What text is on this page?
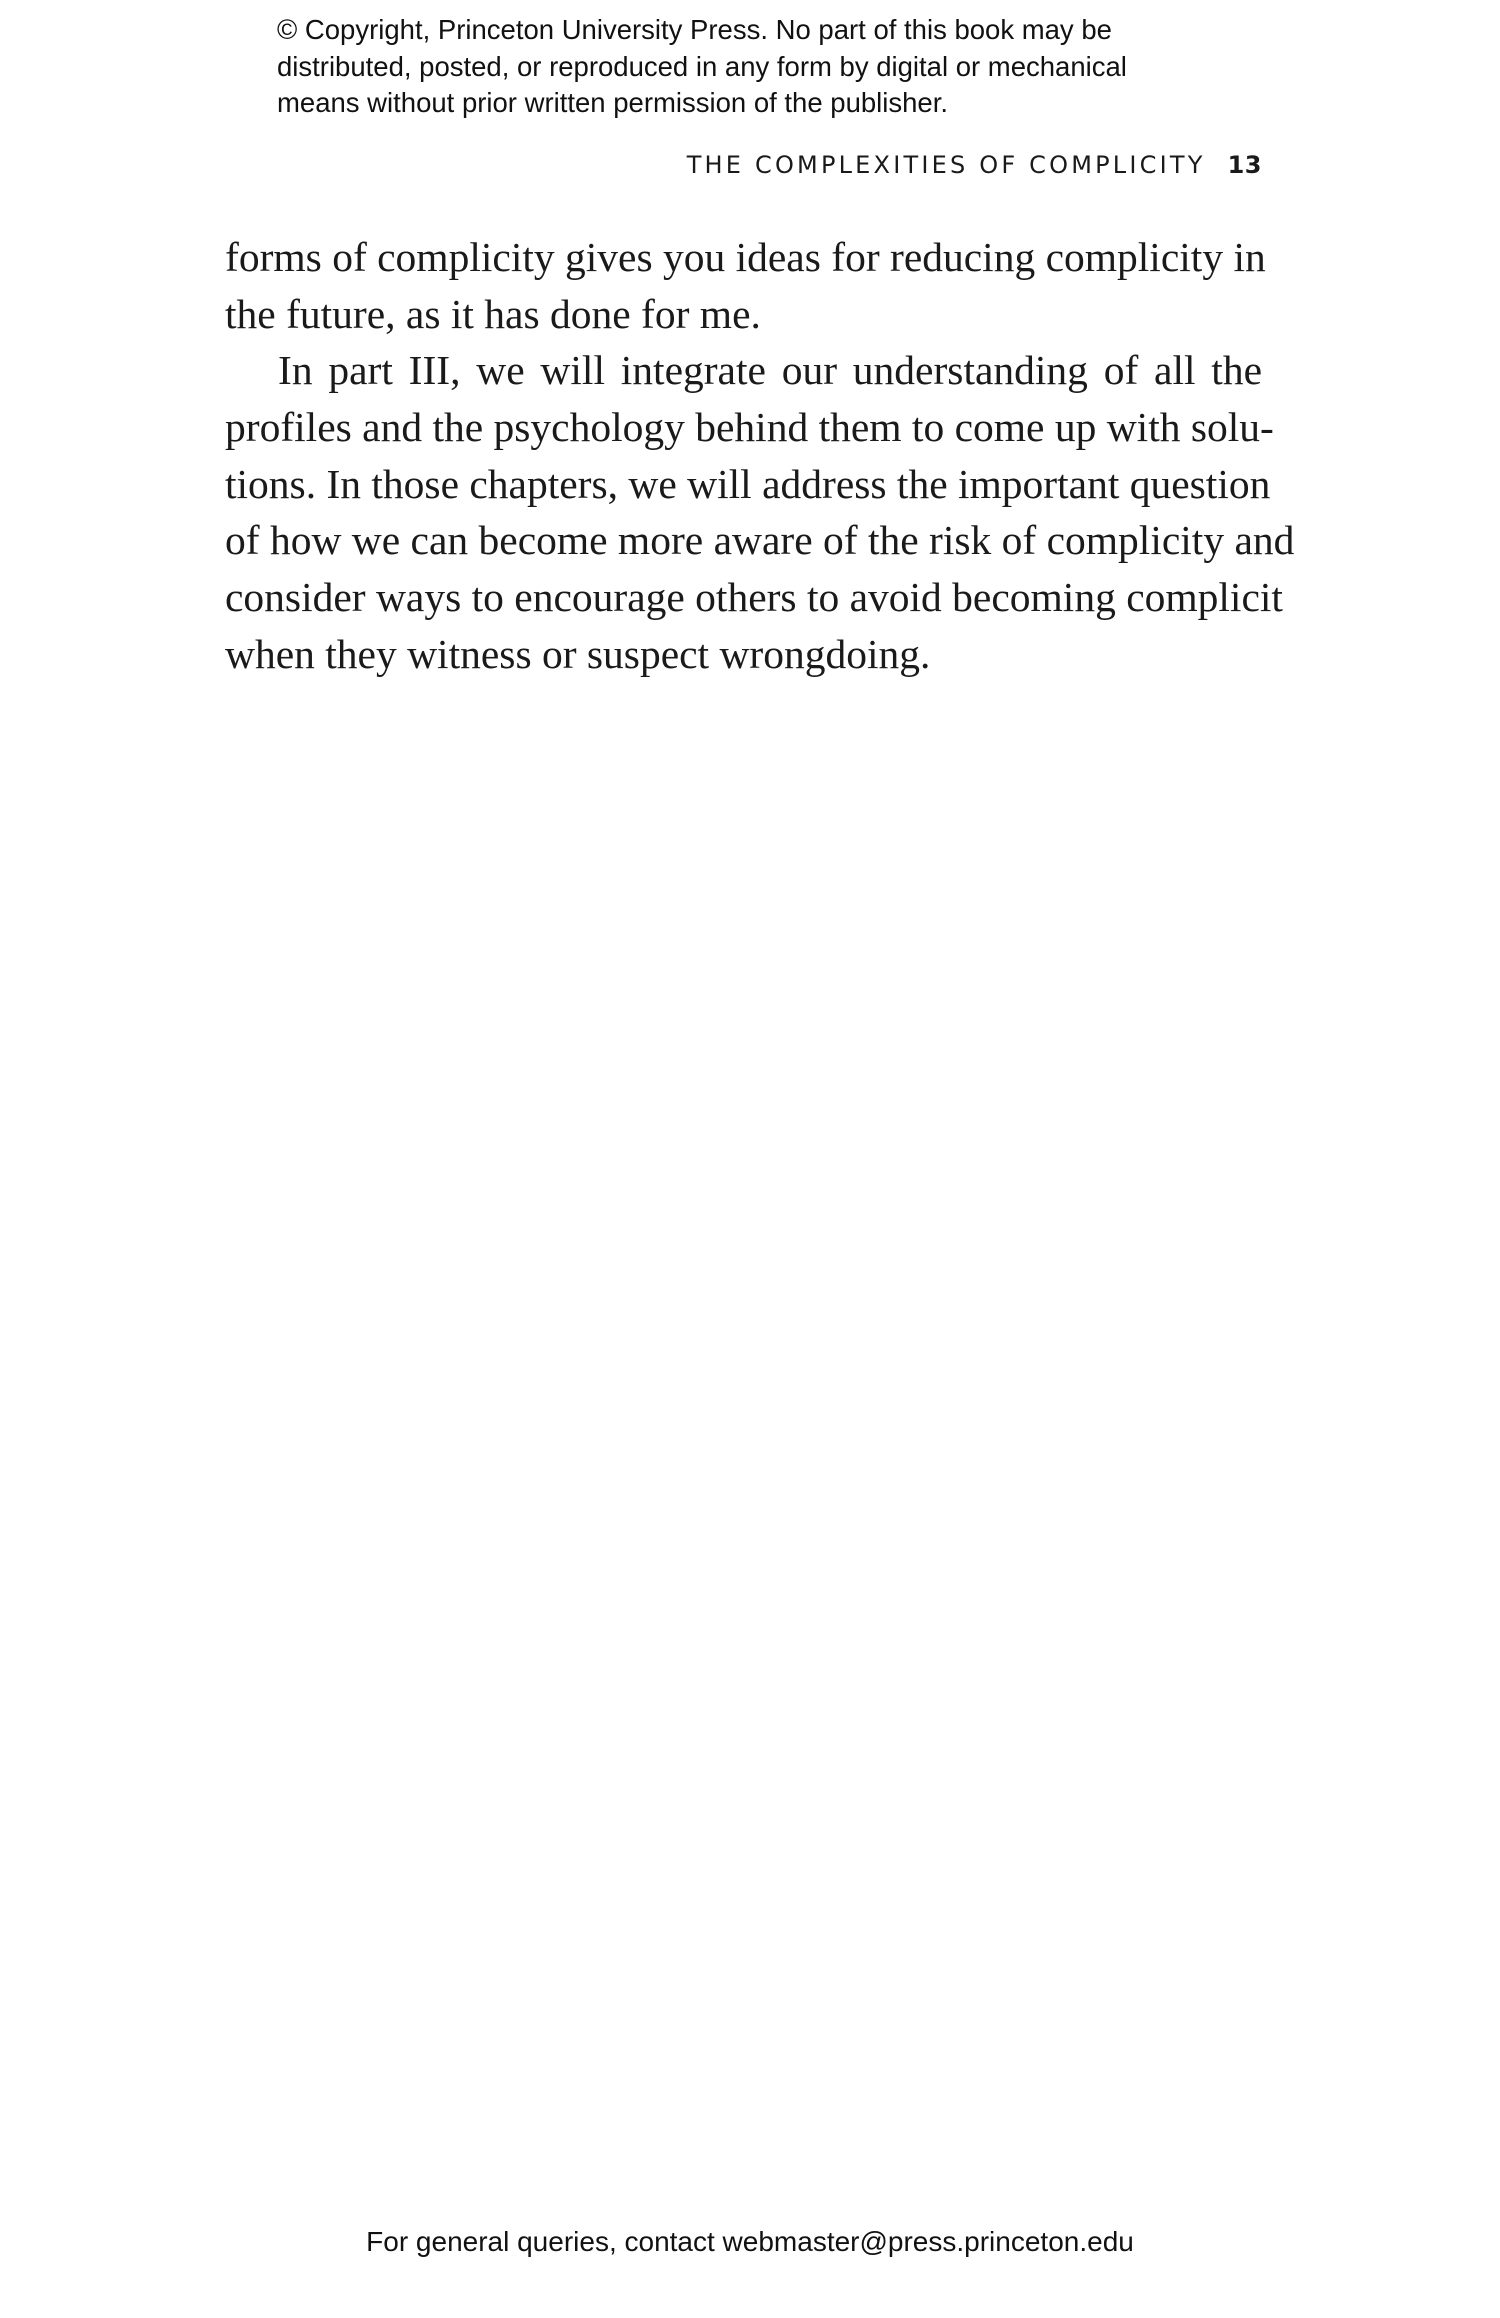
© Copyright, Princeton University Press. No part of this book may be
distributed, posted, or reproduced in any form by digital or mechanical
means without prior written permission of the publisher.
THE COMPLEXITIES OF COMPLICITY 13
forms of complicity gives you ideas for reducing complicity in
the future, as it has done for me.
In part III, we will integrate our understanding of all the
profiles and the psychology behind them to come up with solu-
tions. In those chapters, we will address the important question
of how we can become more aware of the risk of complicity and
consider ways to encourage others to avoid becoming complicit
when they witness or suspect wrongdoing.
For general queries, contact webmaster@press.princeton.edu
